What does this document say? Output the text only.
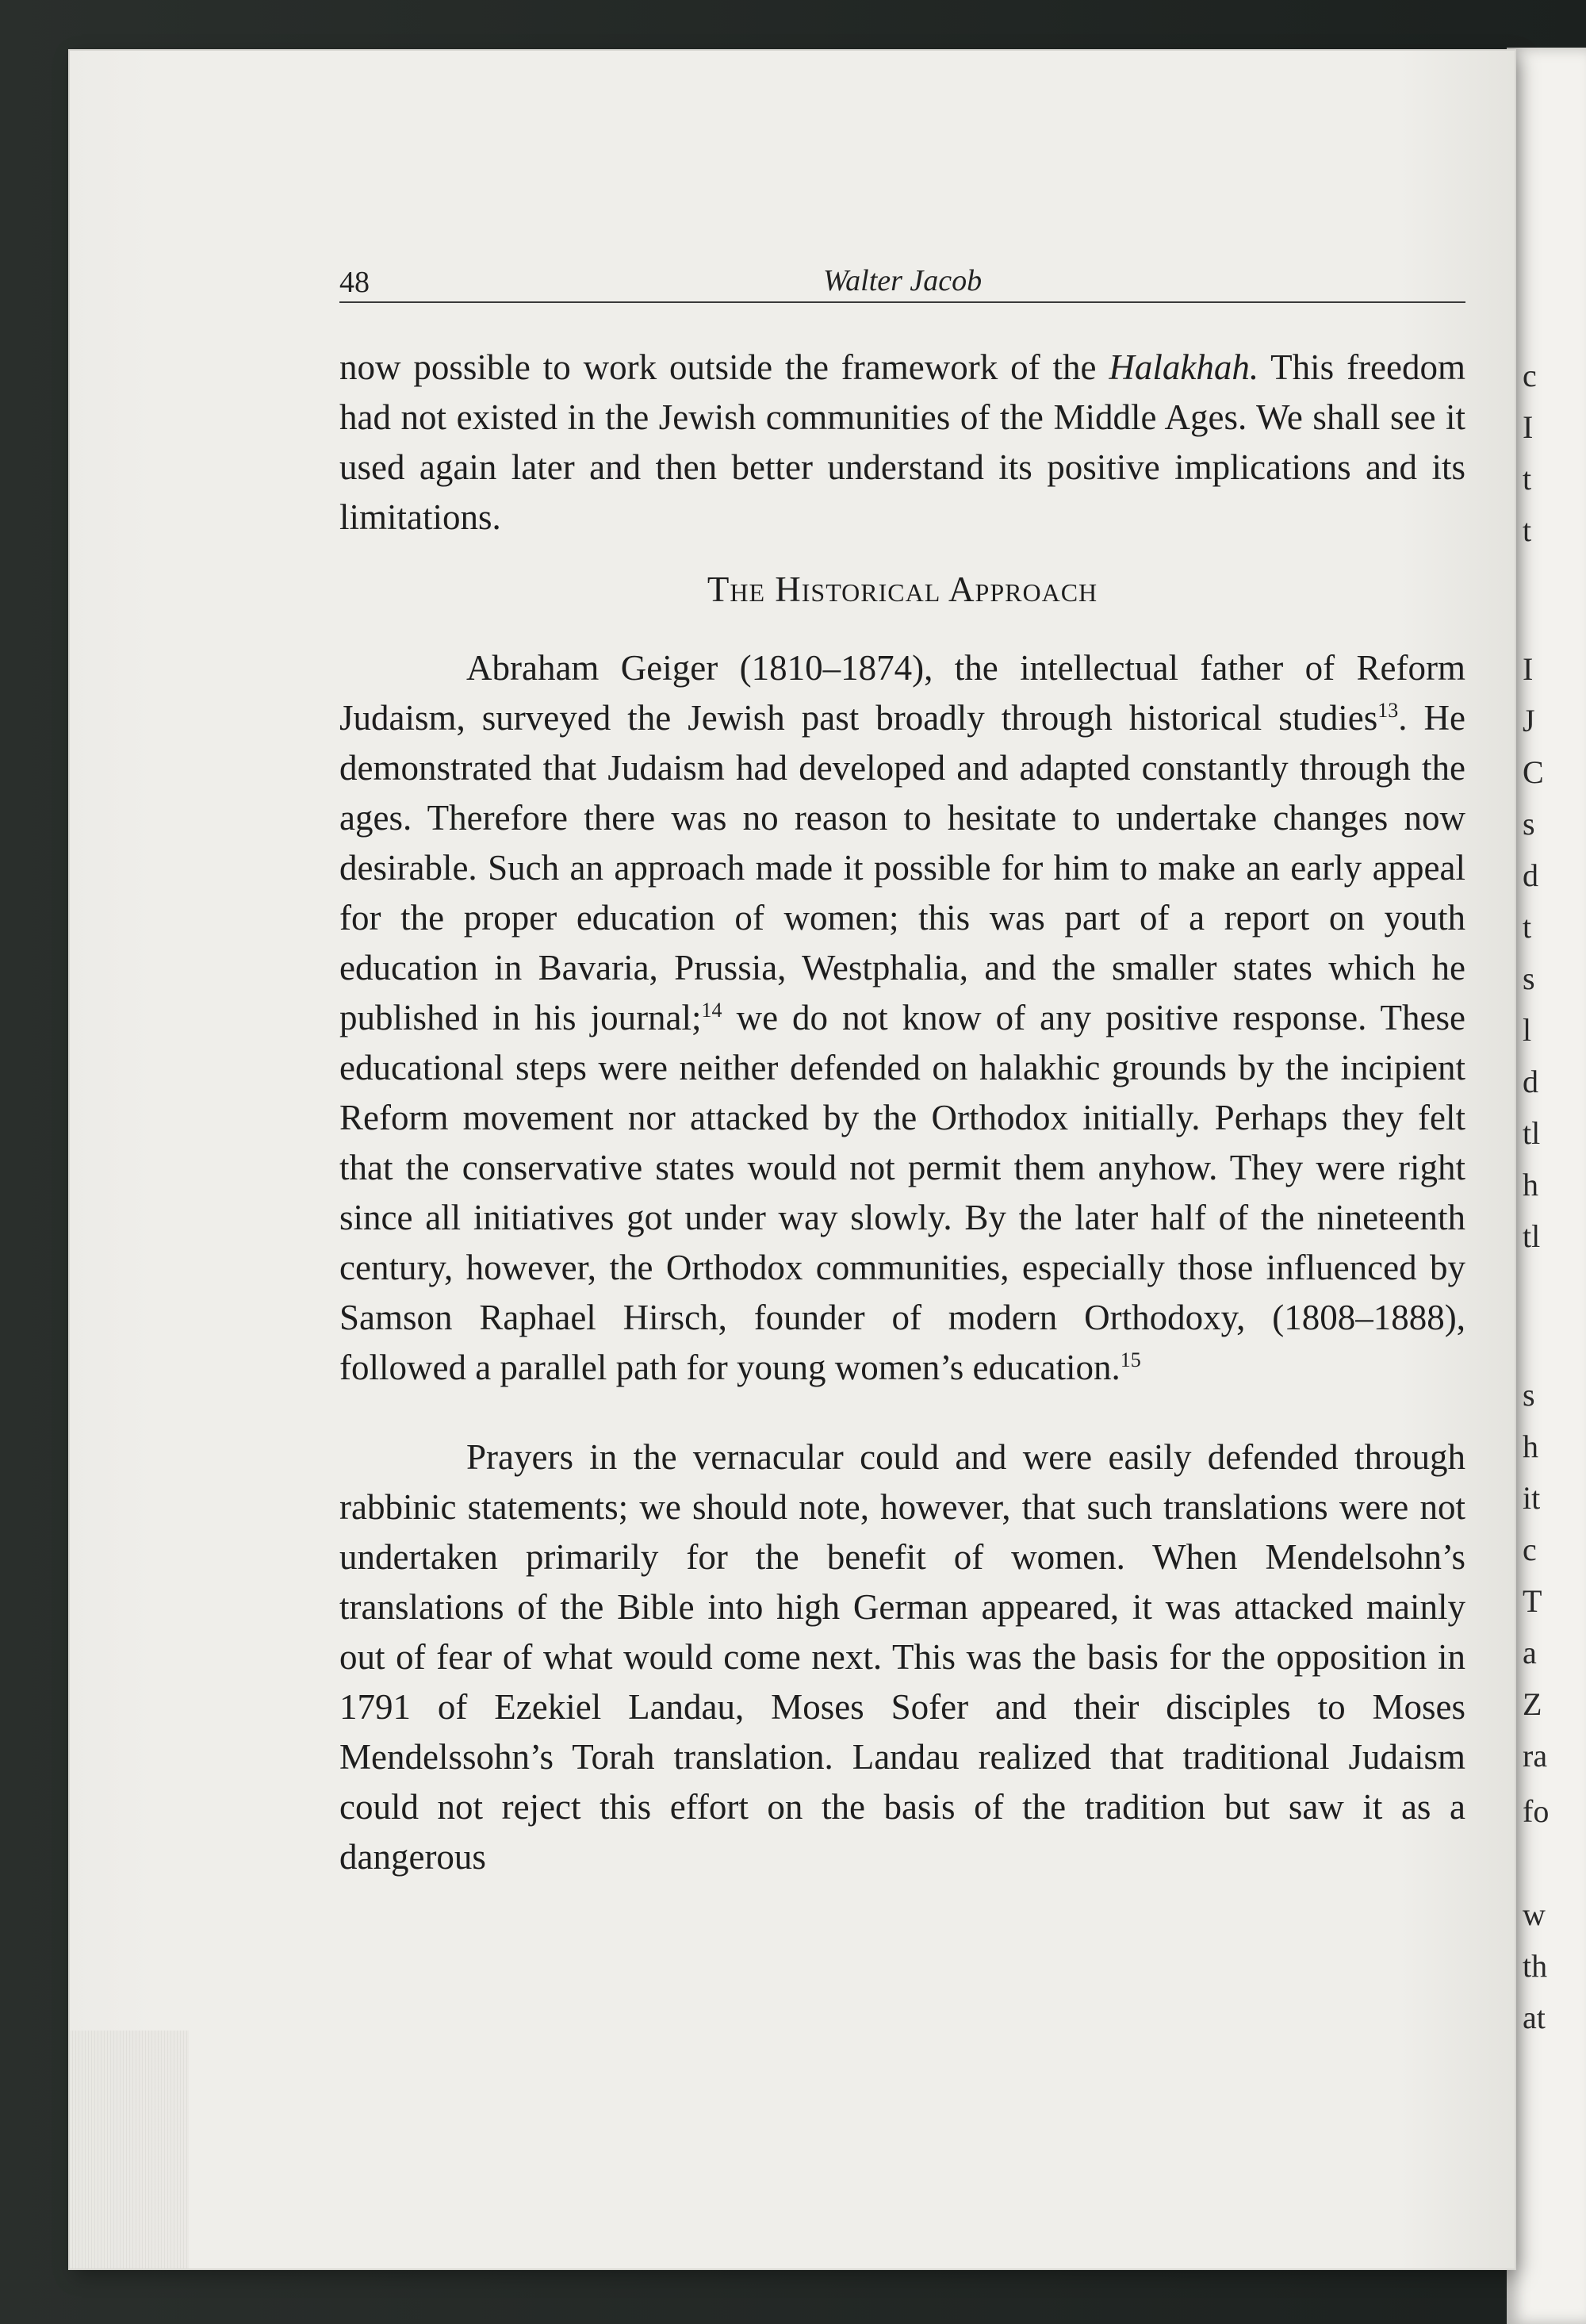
c
I
t
t
I
J
C
s
d
t
s
l
d
tl
h
tl
s
h
it
c
T
a
Z
ra
fo
w
th
at
48	Walter Jacob

now possible to work outside the framework of the Halakhah. This freedom had not existed in the Jewish communities of the Middle Ages. We shall see it used again later and then better understand its positive implications and its limitations.

The Historical Approach

Abraham Geiger (1810–1874), the intellectual father of Reform Judaism, surveyed the Jewish past broadly through historical studies$^{13}$. He demonstrated that Judaism had developed and adapted constantly through the ages. Therefore there was no reason to hesitate to undertake changes now desirable. Such an approach made it possible for him to make an early appeal for the proper education of women; this was part of a report on youth education in Bavaria, Prussia, Westphalia, and the smaller states which he published in his journal;$^{14}$ we do not know of any positive response. These educational steps were neither defended on halakhic grounds by the incipient Reform movement nor attacked by the Orthodox initially. Perhaps they felt that the conservative states would not permit them anyhow. They were right since all initiatives got under way slowly. By the later half of the nineteenth century, however, the Orthodox communities, especially those influenced by Samson Raphael Hirsch, founder of modern Orthodoxy, (1808–1888), followed a parallel path for young women’s education.$^{15}$

Prayers in the vernacular could and were easily defended through rabbinic statements; we should note, however, that such translations were not undertaken primarily for the benefit of women. When Mendelsohn’s translations of the Bible into high German appeared, it was attacked mainly out of fear of what would come next. This was the basis for the opposition in 1791 of Ezekiel Landau, Moses Sofer and their disciples to Moses Mendelssohn’s Torah translation. Landau realized that traditional Judaism could not reject this effort on the basis of the tradition but saw it as a dangerous
